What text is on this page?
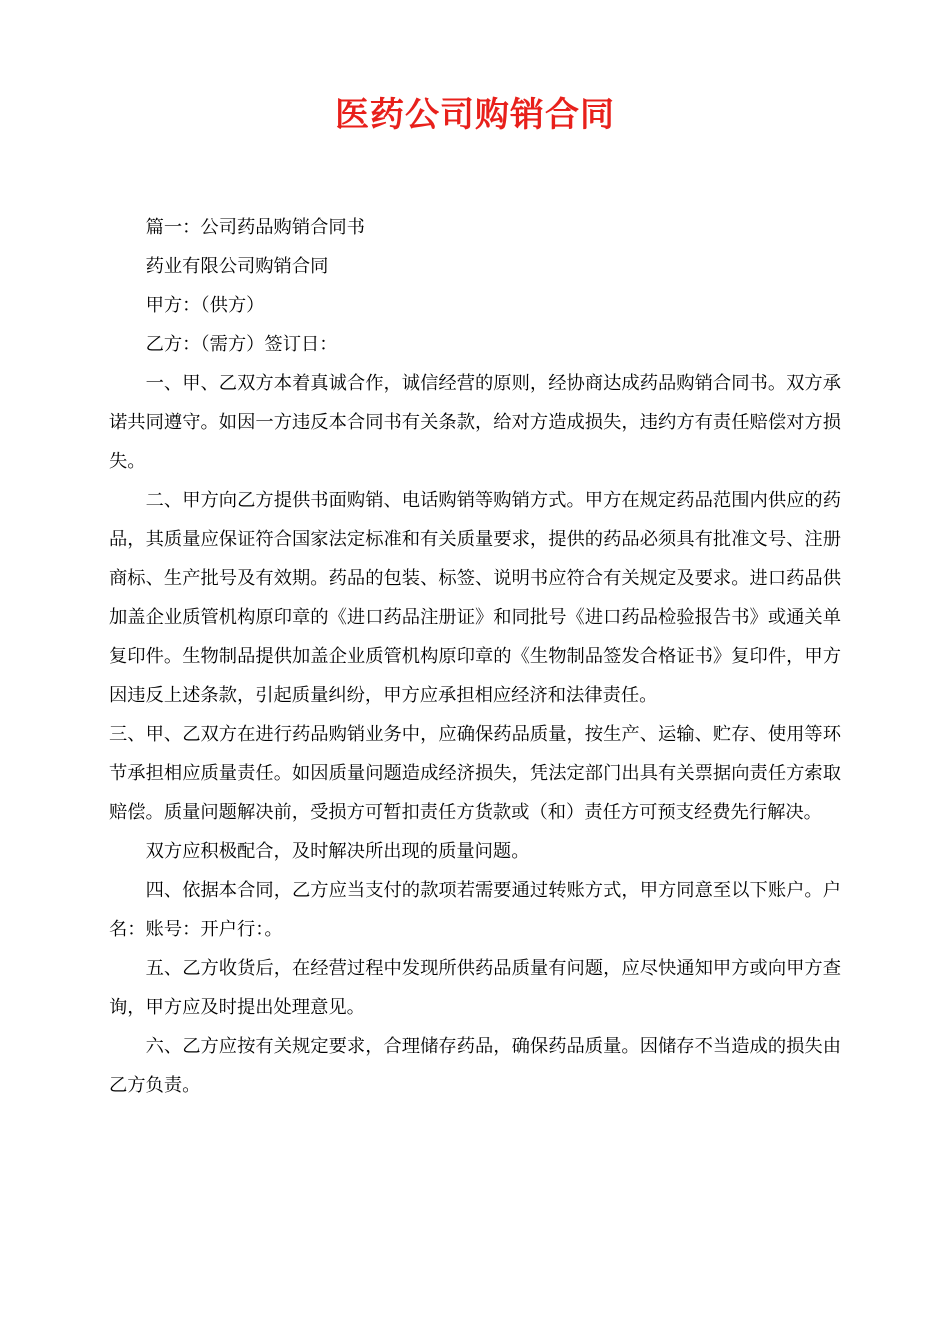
医药公司购销合同

篇一：公司药品购销合同书

药业有限公司购销合同

甲方：（供方）

乙方：（需方）签订日：

一、甲、乙双方本着真诚合作，诚信经营的原则，经协商达成药品购销合同书。双方承诺共同遵守。如因一方违反本合同书有关条款，给对方造成损失，违约方有责任赔偿对方损失。

二、甲方向乙方提供书面购销、电话购销等购销方式。甲方在规定药品范围内供应的药品，其质量应保证符合国家法定标准和有关质量要求，提供的药品必须具有批准文号、注册商标、生产批号及有效期。药品的包装、标签、说明书应符合有关规定及要求。进口药品供加盖企业质管机构原印章的《进口药品注册证》和同批号《进口药品检验报告书》或通关单复印件。生物制品提供加盖企业质管机构原印章的《生物制品签发合格证书》复印件，甲方因违反上述条款，引起质量纠纷，甲方应承担相应经济和法律责任。

三、甲、乙双方在进行药品购销业务中，应确保药品质量，按生产、运输、贮存、使用等环节承担相应质量责任。如因质量问题造成经济损失，凭法定部门出具有关票据向责任方索取赔偿。质量问题解决前，受损方可暂扣责任方货款或（和）责任方可预支经费先行解决。

双方应积极配合，及时解决所出现的质量问题。

四、依据本合同，乙方应当支付的款项若需要通过转账方式，甲方同意至以下账户。户名：账号：开户行：。

五、乙方收货后，在经营过程中发现所供药品质量有问题，应尽快通知甲方或向甲方查询，甲方应及时提出处理意见。

六、乙方应按有关规定要求，合理储存药品，确保药品质量。因储存不当造成的损失由乙方负责。
